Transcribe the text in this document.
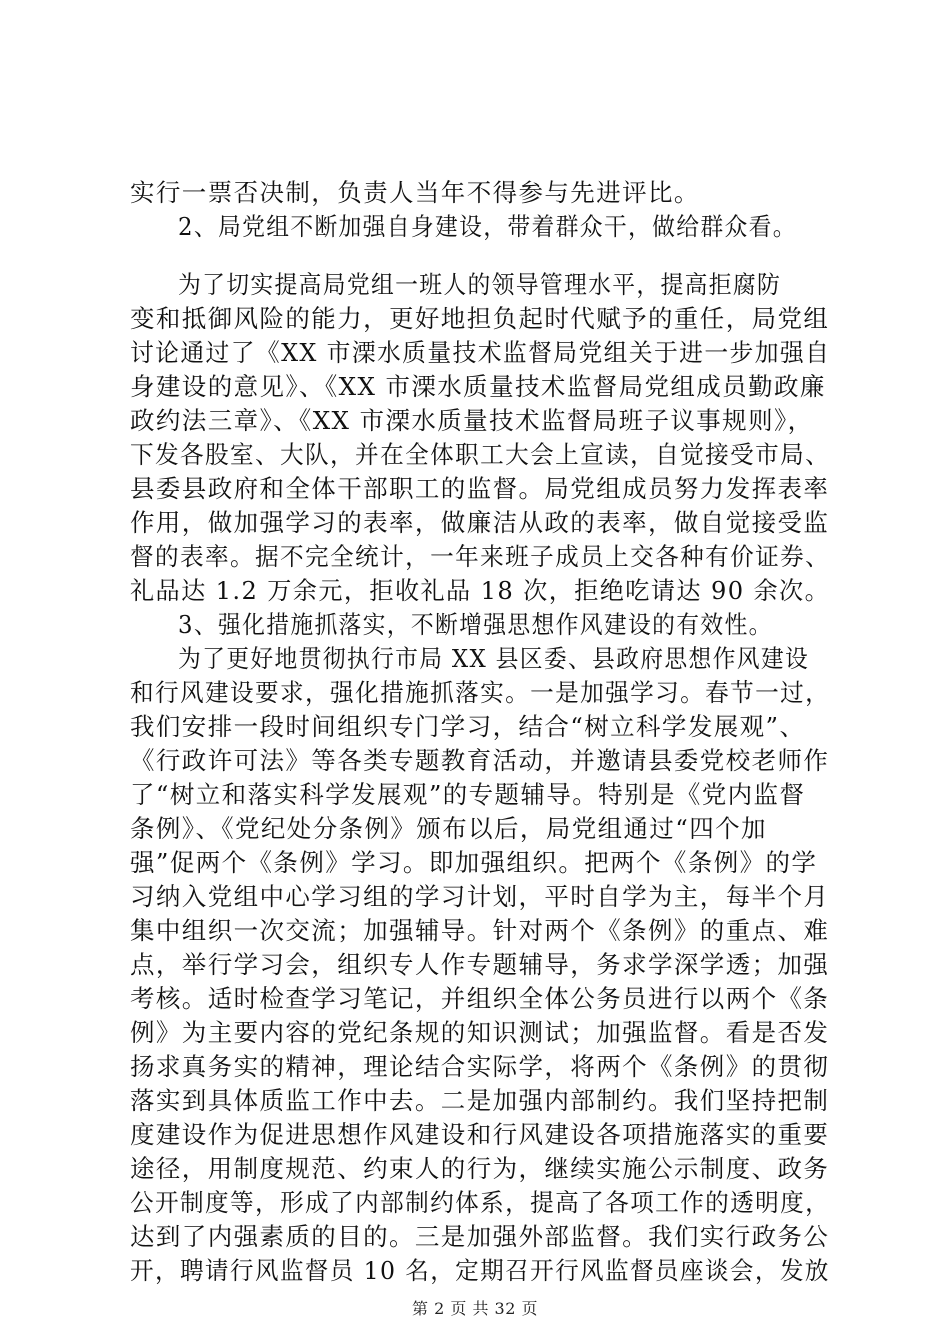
实行一票否决制，负责人当年不得参与先进评比。
2、局党组不断加强自身建设，带着群众干，做给群众看。
为了切实提高局党组一班人的领导管理水平，提高拒腐防
变和抵御风险的能力，更好地担负起时代赋予的重任，局党组
讨论通过了《XX 市溧水质量技术监督局党组关于进一步加强自
身建设的意见》、《XX 市溧水质量技术监督局党组成员勤政廉
政约法三章》、《XX 市溧水质量技术监督局班子议事规则》，
下发各股室、大队，并在全体职工大会上宣读，自觉接受市局、
县委县政府和全体干部职工的监督。局党组成员努力发挥表率
作用，做加强学习的表率，做廉洁从政的表率，做自觉接受监
督的表率。据不完全统计，一年来班子成员上交各种有价证券、
礼品达 1.2 万余元，拒收礼品 18 次，拒绝吃请达 90 余次。
3、强化措施抓落实，不断增强思想作风建设的有效性。
为了更好地贯彻执行市局 XX 县区委、县政府思想作风建设
和行风建设要求，强化措施抓落实。一是加强学习。春节一过，
我们安排一段时间组织专门学习，结合“树立科学发展观”、
《行政许可法》等各类专题教育活动，并邀请县委党校老师作
了“树立和落实科学发展观”的专题辅导。特别是《党内监督
条例》、《党纪处分条例》颁布以后，局党组通过“四个加
强”促两个《条例》学习。即加强组织。把两个《条例》的学
习纳入党组中心学习组的学习计划，平时自学为主，每半个月
集中组织一次交流；加强辅导。针对两个《条例》的重点、难
点，举行学习会，组织专人作专题辅导，务求学深学透；加强
考核。适时检查学习笔记，并组织全体公务员进行以两个《条
例》为主要内容的党纪条规的知识测试；加强监督。看是否发
扬求真务实的精神，理论结合实际学，将两个《条例》的贯彻
落实到具体质监工作中去。二是加强内部制约。我们坚持把制
度建设作为促进思想作风建设和行风建设各项措施落实的重要
途径，用制度规范、约束人的行为，继续实施公示制度、政务
公开制度等，形成了内部制约体系，提高了各项工作的透明度，
达到了内强素质的目的。三是加强外部监督。我们实行政务公
开，聘请行风监督员 10 名，定期召开行风监督员座谈会，发放
第 2 页 共 32 页
